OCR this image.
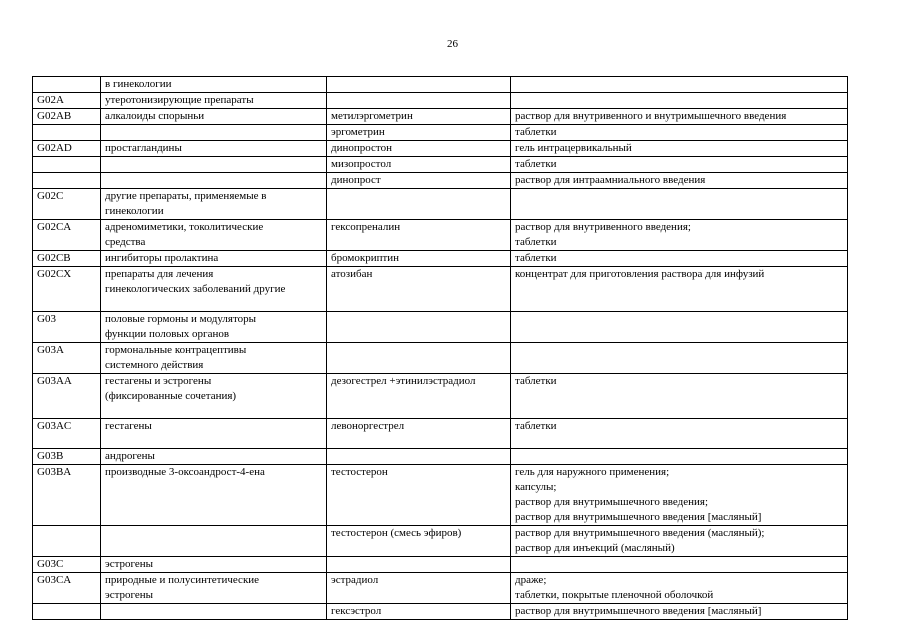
26

	в гинекологии		

G02A	утеротонизирующие препараты		

G02AB	алкалоиды спорыньи	метилэргометрин	раствор для внутривенного и внутримышечного введения

		эргометрин	таблетки

G02AD	простагландины	динопростон	гель интрацервикальный

		мизопростол	таблетки

		динопрост	раствор для интраамниального введения

G02C	другие препараты, применяемые в
гинекологии		

G02CA	адреномиметики, токолитические
средства	гексопреналин	раствор для внутривенного введения;
таблетки

G02CB	ингибиторы пролактина	бромокриптин	таблетки

G02CX	препараты для лечения
гинекологических заболеваний другие	атозибан	концентрат для приготовления раствора для инфузий

G03	половые гормоны и модуляторы
функции половых органов		

G03A	гормональные контрацептивы
системного действия		

G03AA	гестагены и эстрогены
(фиксированные сочетания)	дезогестрел +этинилэстрадиол	таблетки

G03AC	гестагены	левоноргестрел	таблетки

G03B	андрогены		

G03BA	производные 3-оксоандрост-4-ена	тестостерон	гель для наружного применения;
капсулы;
раствор для внутримышечного введения;
раствор для внутримышечного введения [масляный]

		тестостерон (смесь эфиров)	раствор для внутримышечного введения (масляный);
раствор для инъекций (масляный)

G03C	эстрогены		

G03CA	природные и полусинтетические
эстрогены	эстрадиол	драже;
таблетки, покрытые пленочной оболочкой

		гексэстрол	раствор для внутримышечного введения [масляный]
